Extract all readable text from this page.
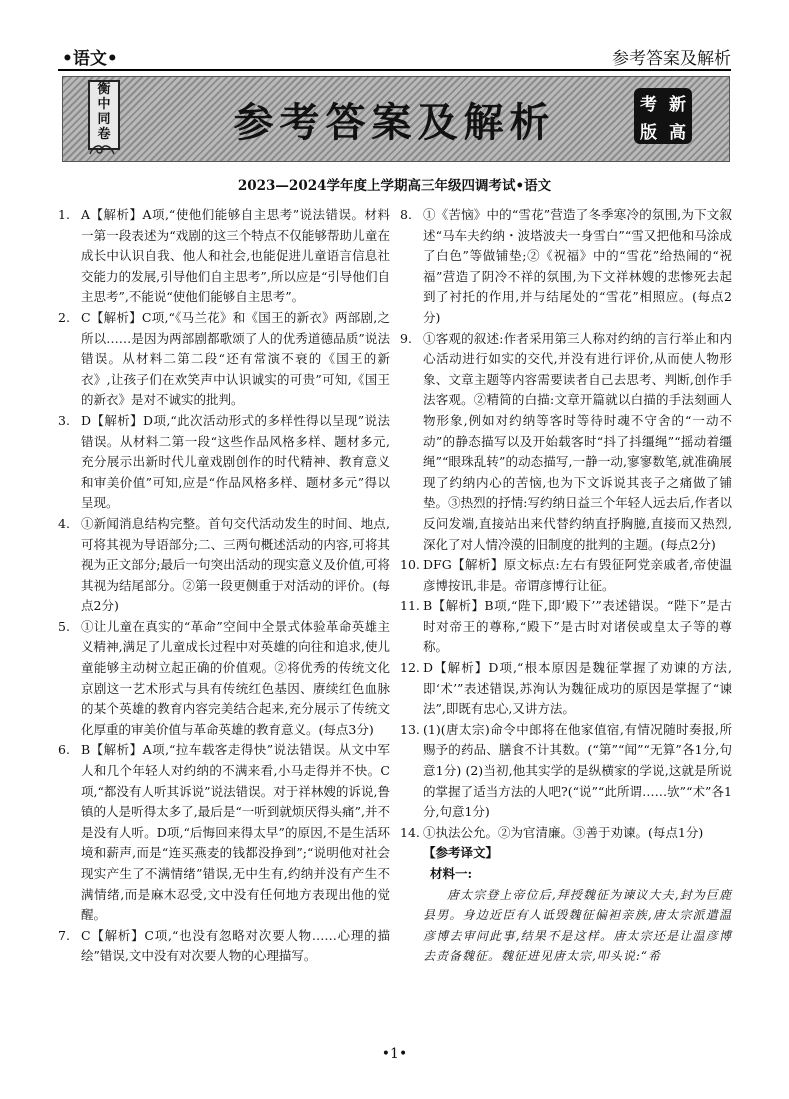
•语文•	参考答案及解析
衡
中
同
卷	参考答案及解析	考 新
版 高
2023—2024学年度上学期高三年级四调考试•语文
1. A【解析】A项,“使他们能够自主思考”说法错误。材料一第一段表述为“戏剧的这三个特点不仅能够帮助儿童在成长中认识自我、他人和社会,也能促进儿童语言信息社交能力的发展,引导他们自主思考”,所以应是“引导他们自主思考”,不能说“使他们能够自主思考”。
2. C【解析】C项,“《马兰花》和《国王的新衣》两部剧,之所以……是因为两部剧都歌颂了人的优秀道德品质”说法错误。从材料二第二段“还有常演不衰的《国王的新衣》,让孩子们在欢笑声中认识诚实的可贵”可知,《国王的新衣》是对不诚实的批判。
3. D【解析】D项,“此次活动形式的多样性得以呈现”说法错误。从材料二第一段“这些作品风格多样、题材多元,充分展示出新时代儿童戏剧创作的时代精神、教育意义和审美价值”可知,应是“作品风格多样、题材多元”得以呈现。
4. ①新闻消息结构完整。首句交代活动发生的时间、地点,可将其视为导语部分;二、三两句概述活动的内容,可将其视为正文部分;最后一句突出活动的现实意义及价值,可将其视为结尾部分。②第一段更侧重于对活动的评价。(每点2分)
5. ①让儿童在真实的“革命”空间中全景式体验革命英雄主义精神,满足了儿童成长过程中对英雄的向往和追求,使儿童能够主动树立起正确的价值观。②将优秀的传统文化京剧这一艺术形式与具有传统红色基因、赓续红色血脉的某个英雄的教育内容完美结合起来,充分展示了传统文化厚重的审美价值与革命英雄的教育意义。(每点3分)
6. B【解析】A项,“拉车载客走得快”说法错误。从文中军人和几个年轻人对约纳的不满来看,小马走得并不快。C项,“都没有人听其诉说”说法错误。对于祥林嫂的诉说,鲁镇的人是听得太多了,最后是“一听到就烦厌得头痛”,并不是没有人听。D项,“后悔回来得太早”的原因,不是生活环境和薪声,而是“连买燕麦的钱都没挣到”;“说明他对社会现实产生了不满情绪”错误,无中生有,约纳并没有产生不满情绪,而是麻木忍受,文中没有任何地方表现出他的觉醒。
7. C【解析】C项,“也没有忽略对次要人物……心理的描绘”错误,文中没有对次要人物的心理描写。
8. ①《苦恼》中的“雪花”营造了冬季寒冷的氛围,为下文叙述“马车夫约纳・波塔波夫一身雪白”“雪又把他和马涂成了白色”等做铺垫;②《祝福》中的“雪花”给热闹的“祝福”营造了阴冷不祥的氛围,为下文祥林嫂的悲惨死去起到了衬托的作用,并与结尾处的“雪花”相照应。(每点2分)
9. ①客观的叙述:作者采用第三人称对约纳的言行举止和内心活动进行如实的交代,并没有进行评价,从而使人物形象、文章主题等内容需要读者自己去思考、判断,创作手法客观。②精简的白描:文章开篇就以白描的手法刻画人物形象,例如对约纳等客时等待时魂不守舍的“一动不动”的静态描写以及开始载客时“抖了抖缰绳”“摇动着缰绳”“眼珠乱转”的动态描写,一静一动,寥寥数笔,就准确展现了约纳内心的苦恼,也为下文诉说其丧子之痛做了铺垫。③热烈的抒情:写约纳日益三个年轻人远去后,作者以反问发端,直接站出来代替约纳直抒胸臆,直接而又热烈,深化了对人情冷漠的旧制度的批判的主题。(每点2分)
10. DFG【解析】原文标点:左右有毁征阿党亲戚者,帝使温彦博按讯,非是。帝谓彦博行让征。
11. B【解析】B项,“陛下,即‘殿下’”表述错误。“陛下”是古时对帝王的尊称,“殿下”是古时对诸侯或皇太子等的尊称。
12. D【解析】D项,“根本原因是魏征掌握了劝谏的方法,即‘术’”表述错误,苏洵认为魏征成功的原因是掌握了“谏法”,即既有忠心,又讲方法。
13. (1)(唐太宗)命令中郎将在他家值宿,有情况随时奏报,所赐予的药品、膳食不计其数。(“第”“闻”“无算”各1分,句意1分) (2)当初,他其实学的是纵横家的学说,这就是所说的掌握了适当方法的人吧?(“说”“此所谓……欤”“术”各1分,句意1分)
14. ①执法公允。②为官清廉。③善于劝谏。(每点1分)
【参考译文】
材料一:
唐太宗登上帝位后,拜授魏征为谏议大夫,封为巨鹿县男。身边近臣有人诋毁魏征偏袒亲族,唐太宗派遣温彦博去审问此事,结果不是这样。唐太宗还是让温彦博去责备魏征。魏征进见唐太宗,叩头说:“希
•1•
